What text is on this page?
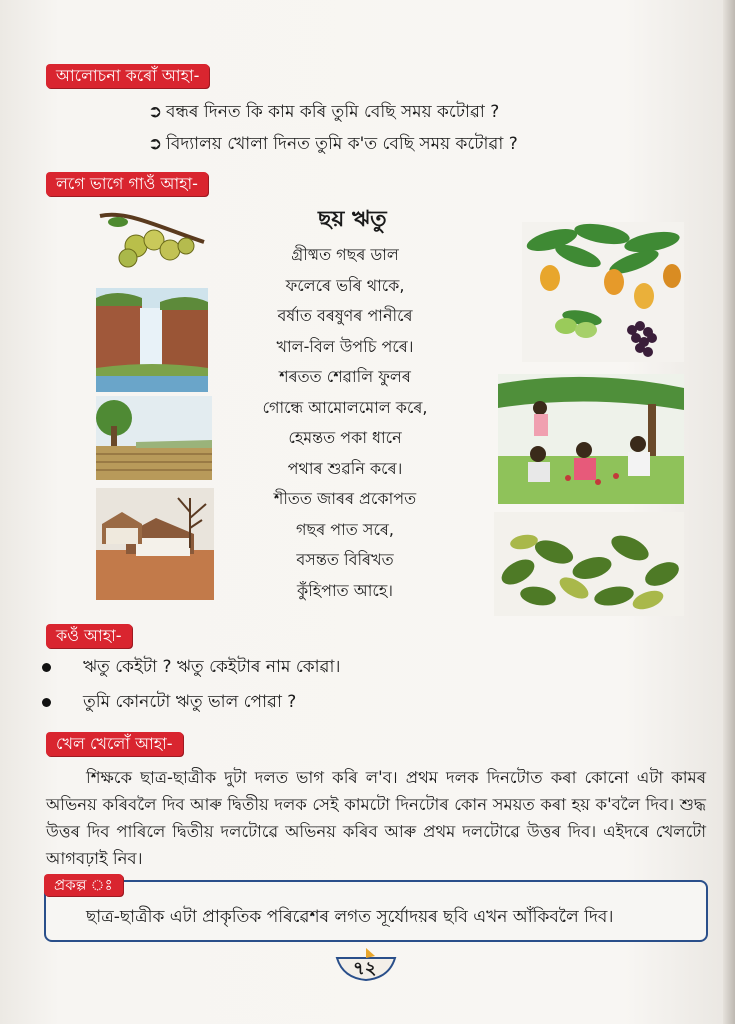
আলোচনা কৰোঁ আহা-
➲ বন্ধৰ দিনত কি কাম কৰি তুমি বেছি সময় কটোৱা ?
➲ বিদ্যালয় খোলা দিনত তুমি ক'ত বেছি সময় কটোৱা ?
লগে ভাগে গাওঁ আহা-
ছয় ঋতু
গ্ৰীষ্মত গছৰ ডাল
ফলেৰে ভৰি থাকে,
বৰ্ষাত বৰষুণৰ পানীৰে
খাল-বিল উপচি পৰে।
শৰতত শেৱালি ফুলৰ
গোন্ধে আমোলমোল কৰে,
হেমন্তত পকা ধানে
পথাৰ শুৱনি কৰে।
শীতত জাৰৰ প্ৰকোপত
গছৰ পাত সৰে,
বসন্তত বিৰিখত
কুঁহিপাত আহে।
কওঁ আহা-
ঋতু কেইটা ? ঋতু কেইটাৰ নাম কোৱা।
তুমি কোনটো ঋতু ভাল পোৱা ?
খেল খেলোঁ আহা-
শিক্ষকে ছাত্ৰ-ছাত্ৰীক দুটা দলত ভাগ কৰি ল'ব। প্ৰথম দলক দিনটোত কৰা কোনো এটা কামৰ অভিনয় কৰিবলৈ দিব আৰু দ্বিতীয় দলক সেই কামটো দিনটোৰ কোন সময়ত কৰা হয় ক'বলৈ দিব। শুদ্ধ উত্তৰ দিব পাৰিলে দ্বিতীয় দলটোৱে অভিনয় কৰিব আৰু প্ৰথম দলটোৱে উত্তৰ দিব। এইদৰে খেলটো আগবঢ়াই নিব।
প্ৰকল্প ঃ
ছাত্ৰ-ছাত্ৰীক এটা প্ৰাকৃতিক পৰিৱেশৰ লগত সূৰ্যোদয়ৰ ছবি এখন আঁকিবলৈ দিব।
৭২
